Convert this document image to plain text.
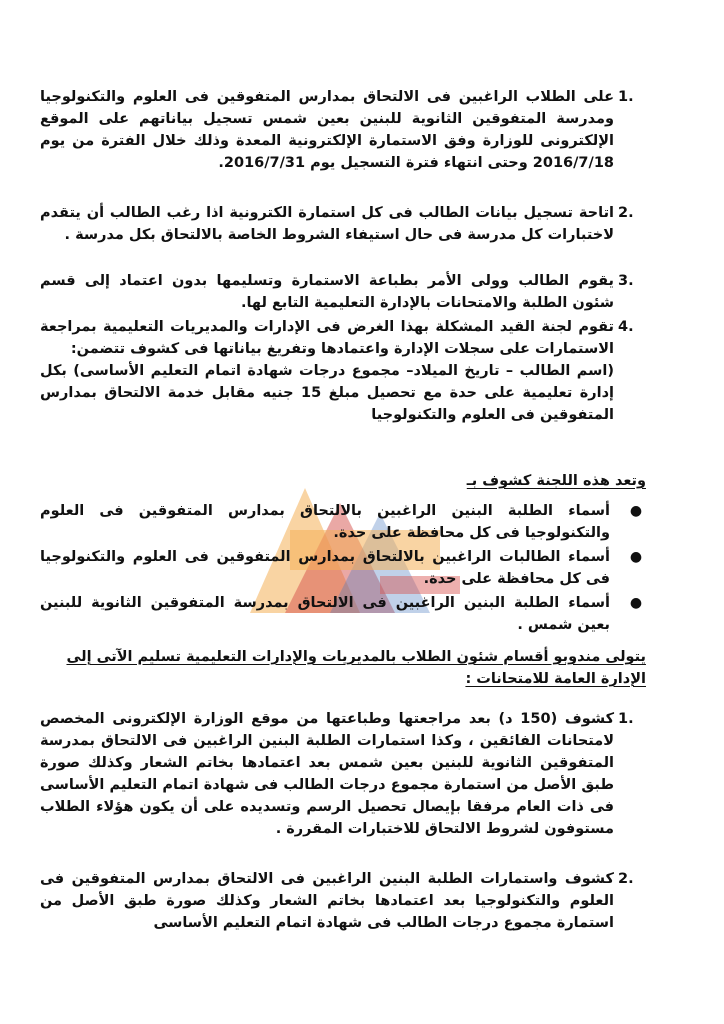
.1
على الطلاب الراغبين فى الالتحاق بمدارس المتفوقين فى العلوم والتكنولوجيا ومدرسة المتفوقين الثانوية للبنين بعين شمس تسجيل بياناتهم على الموقع الإلكترونى للوزارة وفق الاستمارة الإلكترونية المعدة وذلك خلال الفترة من يوم 2016/7/18 وحتى انتهاء فترة التسجيل يوم 2016/7/31.
.2
اتاحة تسجيل بيانات الطالب فى كل استمارة الكترونية اذا رغب الطالب أن يتقدم لاختبارات كل مدرسة فى حال استيفاء الشروط الخاصة بالالتحاق بكل مدرسة .
.3
يقوم الطالب وولى الأمر بطباعة الاستمارة وتسليمها بدون اعتماد إلى قسم شئون الطلبة والامتحانات بالإدارة التعليمية التابع لها.
.4
تقوم لجنة القيد المشكلة بهذا الغرض فى الإدارات والمديريات التعليمية بمراجعة الاستمارات على سجلات الإدارة واعتمادها وتفريغ بياناتها فى كشوف تتضمن:
(اسم الطالب – تاريخ الميلاد– مجموع درجات شهادة اتمام التعليم الأساسى) بكل إدارة تعليمية على حدة مع تحصيل مبلغ 15 جنيه مقابل خدمة الالتحاق بمدارس المتفوقين فى العلوم والتكنولوجيا
وتعد هذه اللجنة كشوف بـ
●
أسماء الطلبة البنين الراغبين بالالتحاق بمدارس المتفوقين فى العلوم والتكنولوجيا فى كل محافظة على حدة.
●
أسماء الطالبات الراغبين بالالتحاق بمدارس المتفوقين فى العلوم والتكنولوجيا فى كل محافظة على حدة.
●
أسماء الطلبة البنين الراغبين فى الالتحاق بمدرسة المتفوقين الثانوية للبنين بعين شمس .
يتولى مندوبو أقسام شئون الطلاب بالمديريات والإدارات التعليمية تسليم الآتى إلى الإدارة العامة للامتحانات :
.1
كشوف (150 د) بعد مراجعتها وطباعتها من موقع الوزارة الإلكترونى المخصص لامتحانات الفائقين ، وكذا استمارات الطلبة البنين الراغبين فى الالتحاق بمدرسة المتفوقين الثانوية للبنين بعين شمس بعد اعتمادها بخاتم الشعار وكذلك صورة طبق الأصل من استمارة مجموع درجات الطالب فى شهادة اتمام التعليم الأساسى فى ذات العام مرفقا بإيصال تحصيل الرسم وتسديده على أن يكون هؤلاء الطلاب مستوفون لشروط الالتحاق للاختبارات المقررة .
.2
كشوف واستمارات الطلبة البنين الراغبين فى الالتحاق بمدارس المتفوقين فى العلوم والتكنولوجيا بعد اعتمادها بخاتم الشعار وكذلك صورة طبق الأصل من استمارة مجموع درجات الطالب فى شهادة اتمام التعليم الأساسى
